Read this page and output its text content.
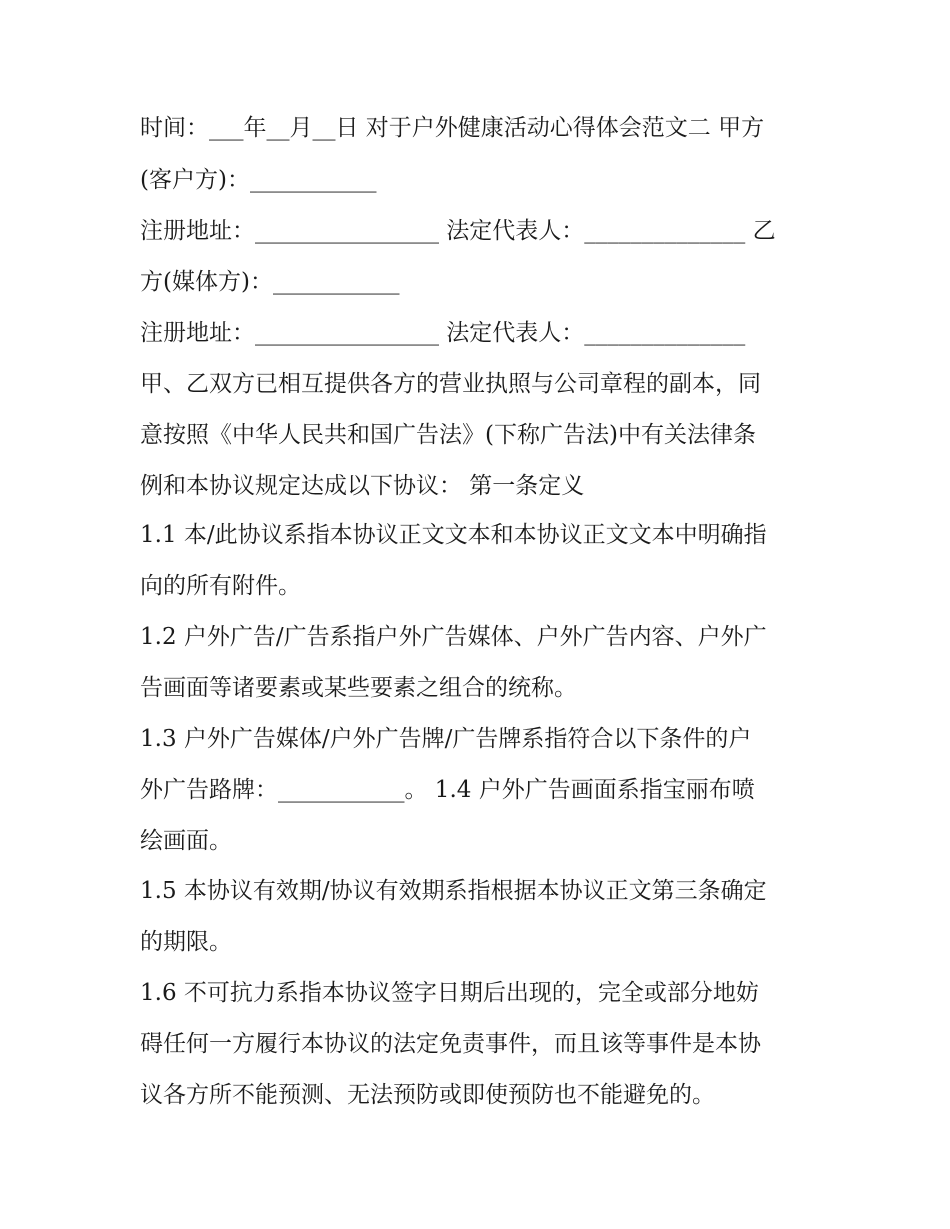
时间：___年__月__日 对于户外健康活动心得体会范文二 甲方
(客户方)：___________
注册地址：________________ 法定代表人：______________ 乙
方(媒体方)：___________
注册地址：________________ 法定代表人：______________
甲、乙双方已相互提供各方的营业执照与公司章程的副本，同
意按照《中华人民共和国广告法》(下称广告法)中有关法律条
例和本协议规定达成以下协议： 第一条定义
1.1 本/此协议系指本协议正文文本和本协议正文文本中明确指
向的所有附件。
1.2 户外广告/广告系指户外广告媒体、户外广告内容、户外广
告画面等诸要素或某些要素之组合的统称。
1.3 户外广告媒体/户外广告牌/广告牌系指符合以下条件的户
外广告路牌：___________。 1.4 户外广告画面系指宝丽布喷
绘画面。
1.5 本协议有效期/协议有效期系指根据本协议正文第三条确定
的期限。
1.6 不可抗力系指本协议签字日期后出现的，完全或部分地妨
碍任何一方履行本协议的法定免责事件，而且该等事件是本协
议各方所不能预测、无法预防或即使预防也不能避免的。
